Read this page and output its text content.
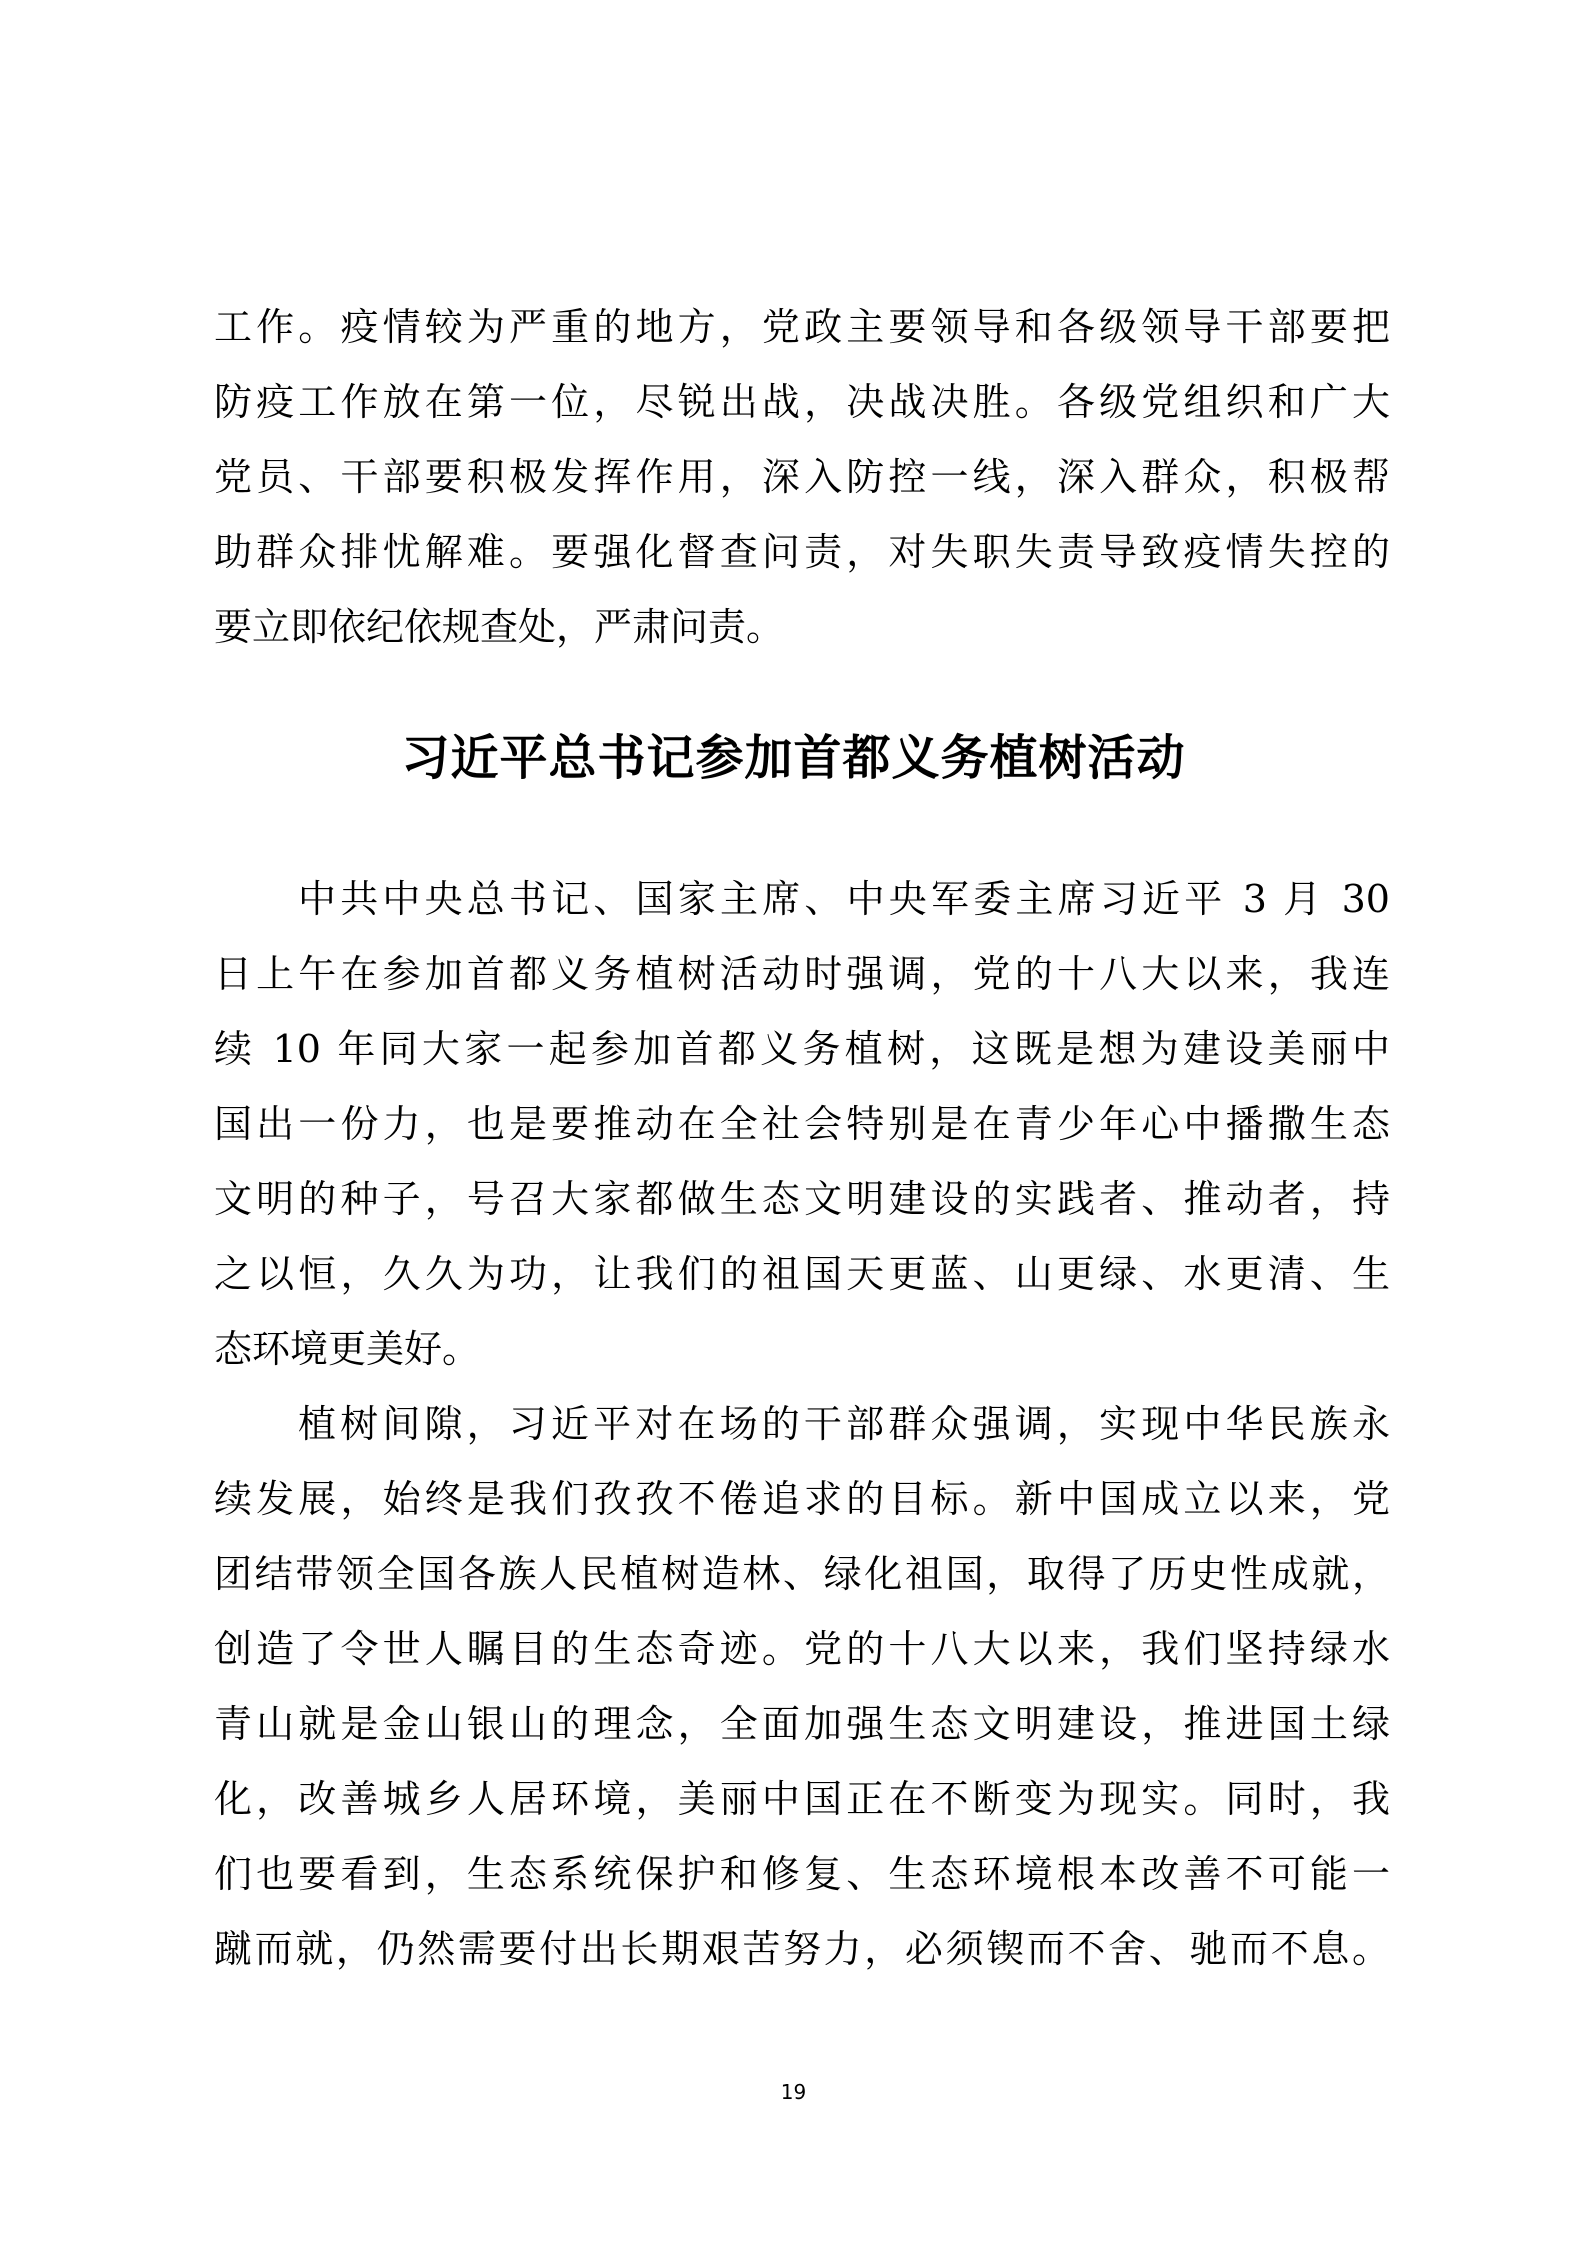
工作。疫情较为严重的地方，党政主要领导和各级领导干部要把
防疫工作放在第一位，尽锐出战，决战决胜。各级党组织和广大
党员、干部要积极发挥作用，深入防控一线，深入群众，积极帮
助群众排忧解难。要强化督查问责，对失职失责导致疫情失控的
要立即依纪依规查处，严肃问责。
习近平总书记参加首都义务植树活动
中共中央总书记、国家主席、中央军委主席习近平 3 月 30
日上午在参加首都义务植树活动时强调，党的十八大以来，我连
续 10 年同大家一起参加首都义务植树，这既是想为建设美丽中
国出一份力，也是要推动在全社会特别是在青少年心中播撒生态
文明的种子，号召大家都做生态文明建设的实践者、推动者，持
之以恒，久久为功，让我们的祖国天更蓝、山更绿、水更清、生
态环境更美好。
植树间隙，习近平对在场的干部群众强调，实现中华民族永
续发展，始终是我们孜孜不倦追求的目标。新中国成立以来，党
团结带领全国各族人民植树造林、绿化祖国，取得了历史性成就，
创造了令世人瞩目的生态奇迹。党的十八大以来，我们坚持绿水
青山就是金山银山的理念，全面加强生态文明建设，推进国土绿
化，改善城乡人居环境，美丽中国正在不断变为现实。同时，我
们也要看到，生态系统保护和修复、生态环境根本改善不可能一
蹴而就，仍然需要付出长期艰苦努力，必须锲而不舍、驰而不息。
19
